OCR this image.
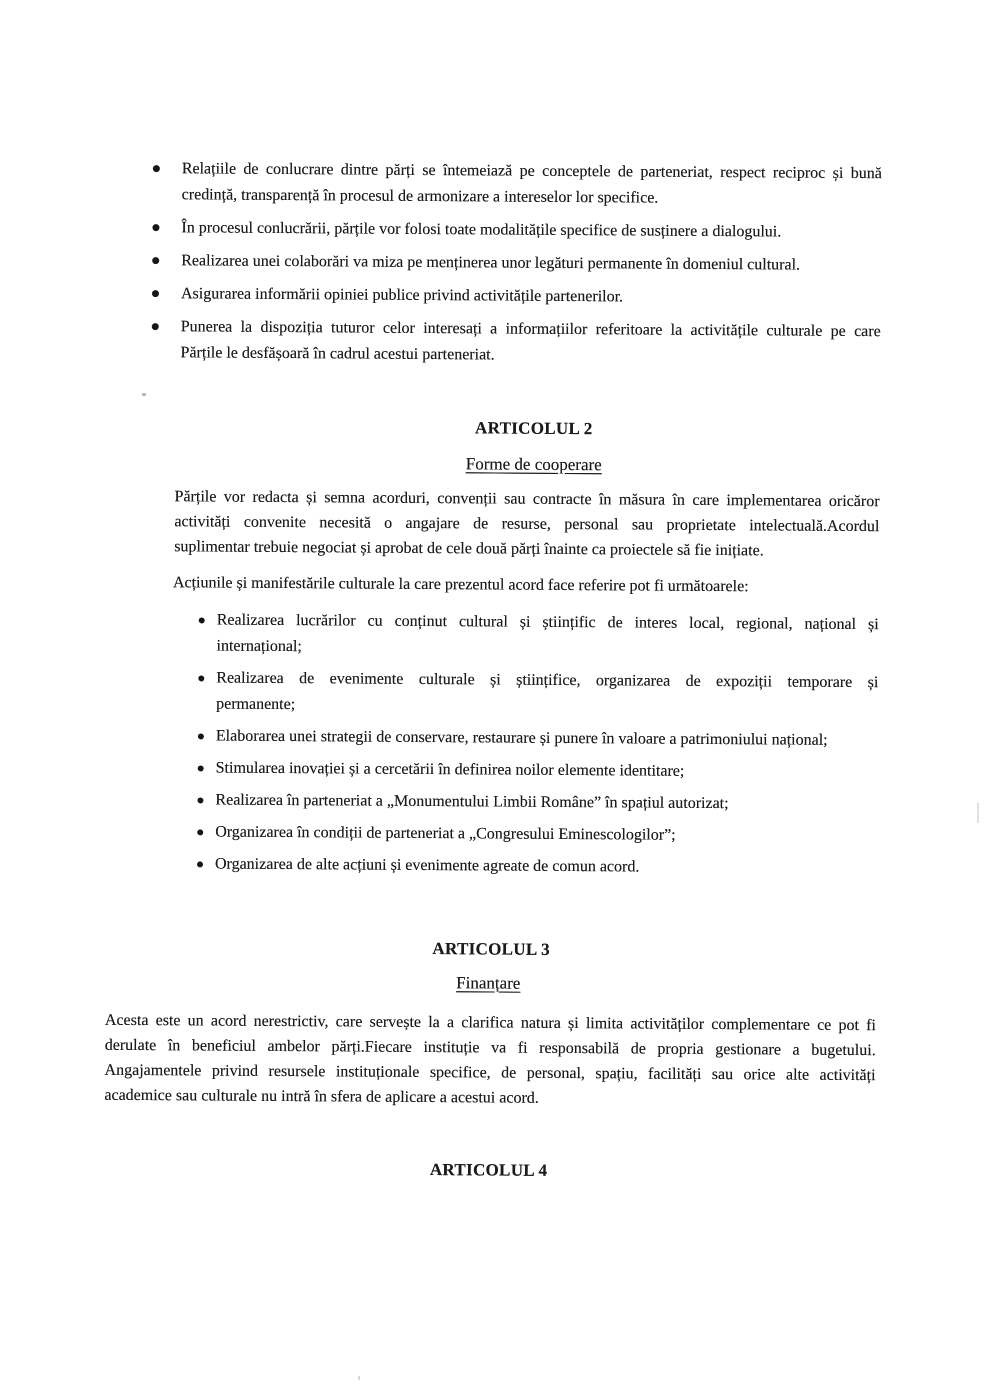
Relațiile de conlucrare dintre părți se întemeiază pe conceptele de parteneriat, respect reciproc și bună
credință, transparență în procesul de armonizare a intereselor lor specifice.
În procesul conlucrării, părțile vor folosi toate modalitățile specifice de susținere a dialogului.
Realizarea unei colaborări va miza pe menținerea unor legături permanente în domeniul cultural.
Asigurarea informării opiniei publice privind activitățile partenerilor.
Punerea la dispoziția tuturor celor interesați a informațiilor referitoare la activitățile culturale pe care
Părțile le desfășoară în cadrul acestui parteneriat.
ARTICOLUL 2
Forme de cooperare
Părțile vor redacta și semna acorduri, convenții sau contracte în măsura în care implementarea oricăror
activități convenite necesită o angajare de resurse, personal sau proprietate intelectuală.Acordul
suplimentar trebuie negociat și aprobat de cele două părți înainte ca proiectele să fie inițiate.
Acțiunile și manifestările culturale la care prezentul acord face referire pot fi următoarele:
Realizarea lucrărilor cu conținut cultural și științific de interes local, regional, național și
internațional;
Realizarea de evenimente culturale și științifice, organizarea de expoziții temporare și
permanente;
Elaborarea unei strategii de conservare, restaurare și punere în valoare a patrimoniului național;
Stimularea inovației și a cercetării în definirea noilor elemente identitare;
Realizarea în parteneriat a „Monumentului Limbii Române” în spațiul autorizat;
Organizarea în condiții de parteneriat a „Congresului Eminescologilor”;
Organizarea de alte acțiuni și evenimente agreate de comun acord.
ARTICOLUL 3
Finanțare
Acesta este un acord nerestrictiv, care servește la a clarifica natura și limita activităților complementare ce pot fi
derulate în beneficiul ambelor părți.Fiecare instituție va fi responsabilă de propria gestionare a bugetului.
Angajamentele privind resursele instituționale specifice, de personal, spațiu, facilități sau orice alte activități
academice sau culturale nu intră în sfera de aplicare a acestui acord.
ARTICOLUL 4
